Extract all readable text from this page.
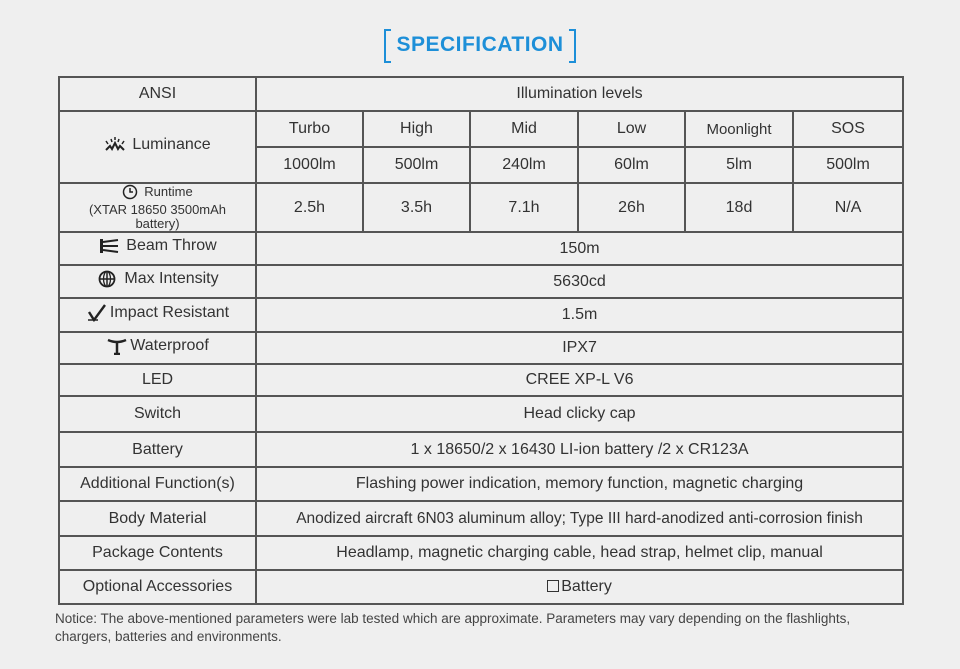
SPECIFICATION
ANSI	Illumination levels					

Luminance	Turbo	High	Mid	Low	Moonlight	SOS
	1000lm	500lm	240lm	60lm	5lm	500lm

Runtime
(XTAR 18650 3500mAh
battery)	2.5h	3.5h	7.1h	26h	18d	N/A

Beam Throw	150m					

Max Intensity	5630cd					

Impact Resistant	1.5m					

Waterproof	IPX7					
LED	CREE XP-L V6					
Switch	Head clicky cap					
Battery	1 x 18650/2 x 16430 LI-ion battery /2 x CR123A					
Additional Function(s)	Flashing power indication, memory function, magnetic charging					
Body Material	Anodized aircraft 6N03 aluminum alloy; Type III hard-anodized anti-corrosion finish					
Package Contents	Headlamp, magnetic charging cable, head strap, helmet clip, manual					
Optional Accessories	Battery					
Notice: The above-mentioned parameters were lab tested which are approximate. Parameters may vary depending on the flashlights, chargers, batteries and environments.
